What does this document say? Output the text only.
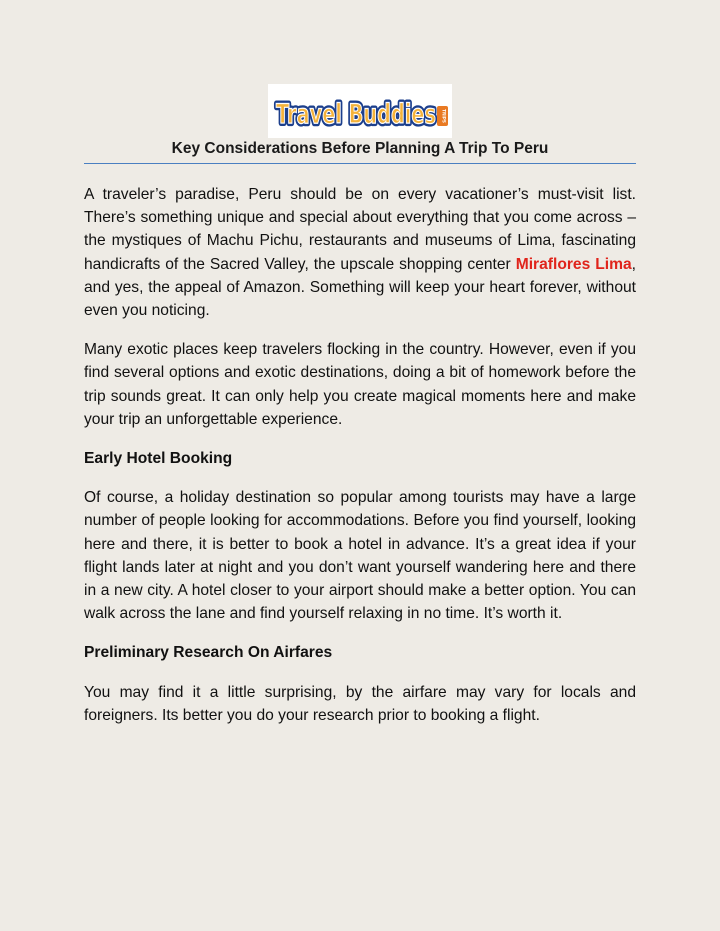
Travel Buddies
Travel Buddies TRIPS
Key Considerations Before Planning A Trip To Peru

A traveler’s paradise, Peru should be on every vacationer’s must-visit list. There’s something unique and special about everything that you come across – the mystiques of Machu Pichu, restaurants and museums of Lima, fascinating handicrafts of the Sacred Valley, the upscale shopping center Miraflores Lima, and yes, the appeal of Amazon. Something will keep your heart forever, without even you noticing.

Many exotic places keep travelers flocking in the country. However, even if you find several options and exotic destinations, doing a bit of homework before the trip sounds great. It can only help you create magical moments here and make your trip an unforgettable experience.

Early Hotel Booking

Of course, a holiday destination so popular among tourists may have a large number of people looking for accommodations. Before you find yourself, looking here and there, it is better to book a hotel in advance. It’s a great idea if your flight lands later at night and you don’t want yourself wandering here and there in a new city. A hotel closer to your airport should make a better option. You can walk across the lane and find yourself relaxing in no time. It’s worth it.

Preliminary Research On Airfares

You may find it a little surprising, by the airfare may vary for locals and foreigners. Its better you do your research prior to booking a flight.
